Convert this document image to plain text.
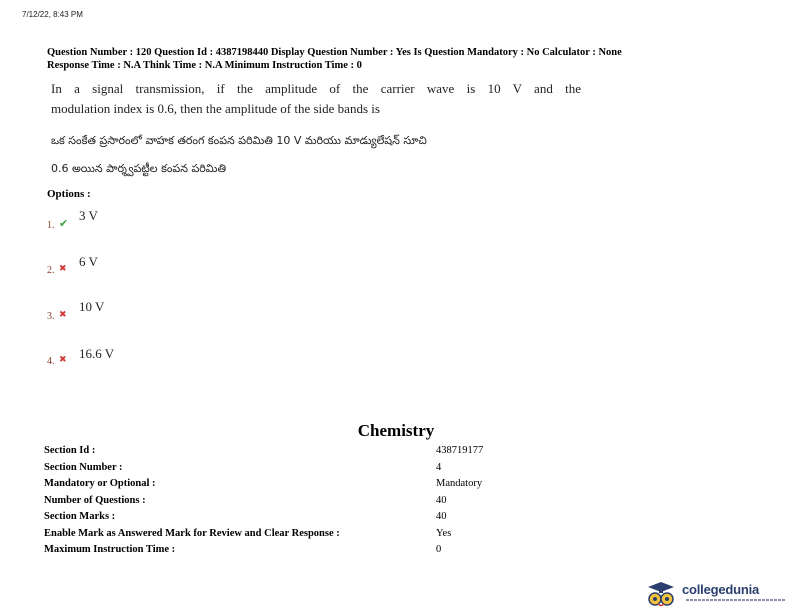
7/12/22, 8:43 PM
Question Number : 120 Question Id : 4387198440 Display Question Number : Yes Is Question Mandatory : No Calculator : None
Response Time : N.A Think Time : N.A Minimum Instruction Time : 0
In a signal transmission, if the amplitude of the carrier wave is 10 V and the
modulation index is 0.6, then the amplitude of the side bands is
ఒక సంకేత ప్రసారంలో వాహక తరంగ కంపన పరిమితి 10 V మరియు మాడ్యులేషన్ సూచి
0.6 అయిన పార్శ్వపట్టీల కంపన పరిమితి
Options :
1. ✔
3 V
2. ✖ 6 V
3. ✖
10 V
4. ✖ 16.6 V
Chemistry
Section Id :	438719177
Section Number :	4
Mandatory or Optional :	Mandatory
Number of Questions :	40
Section Marks :	40
Enable Mark as Answered Mark for Review and Clear Response :	Yes
Maximum Instruction Time :	0
collegedunia
